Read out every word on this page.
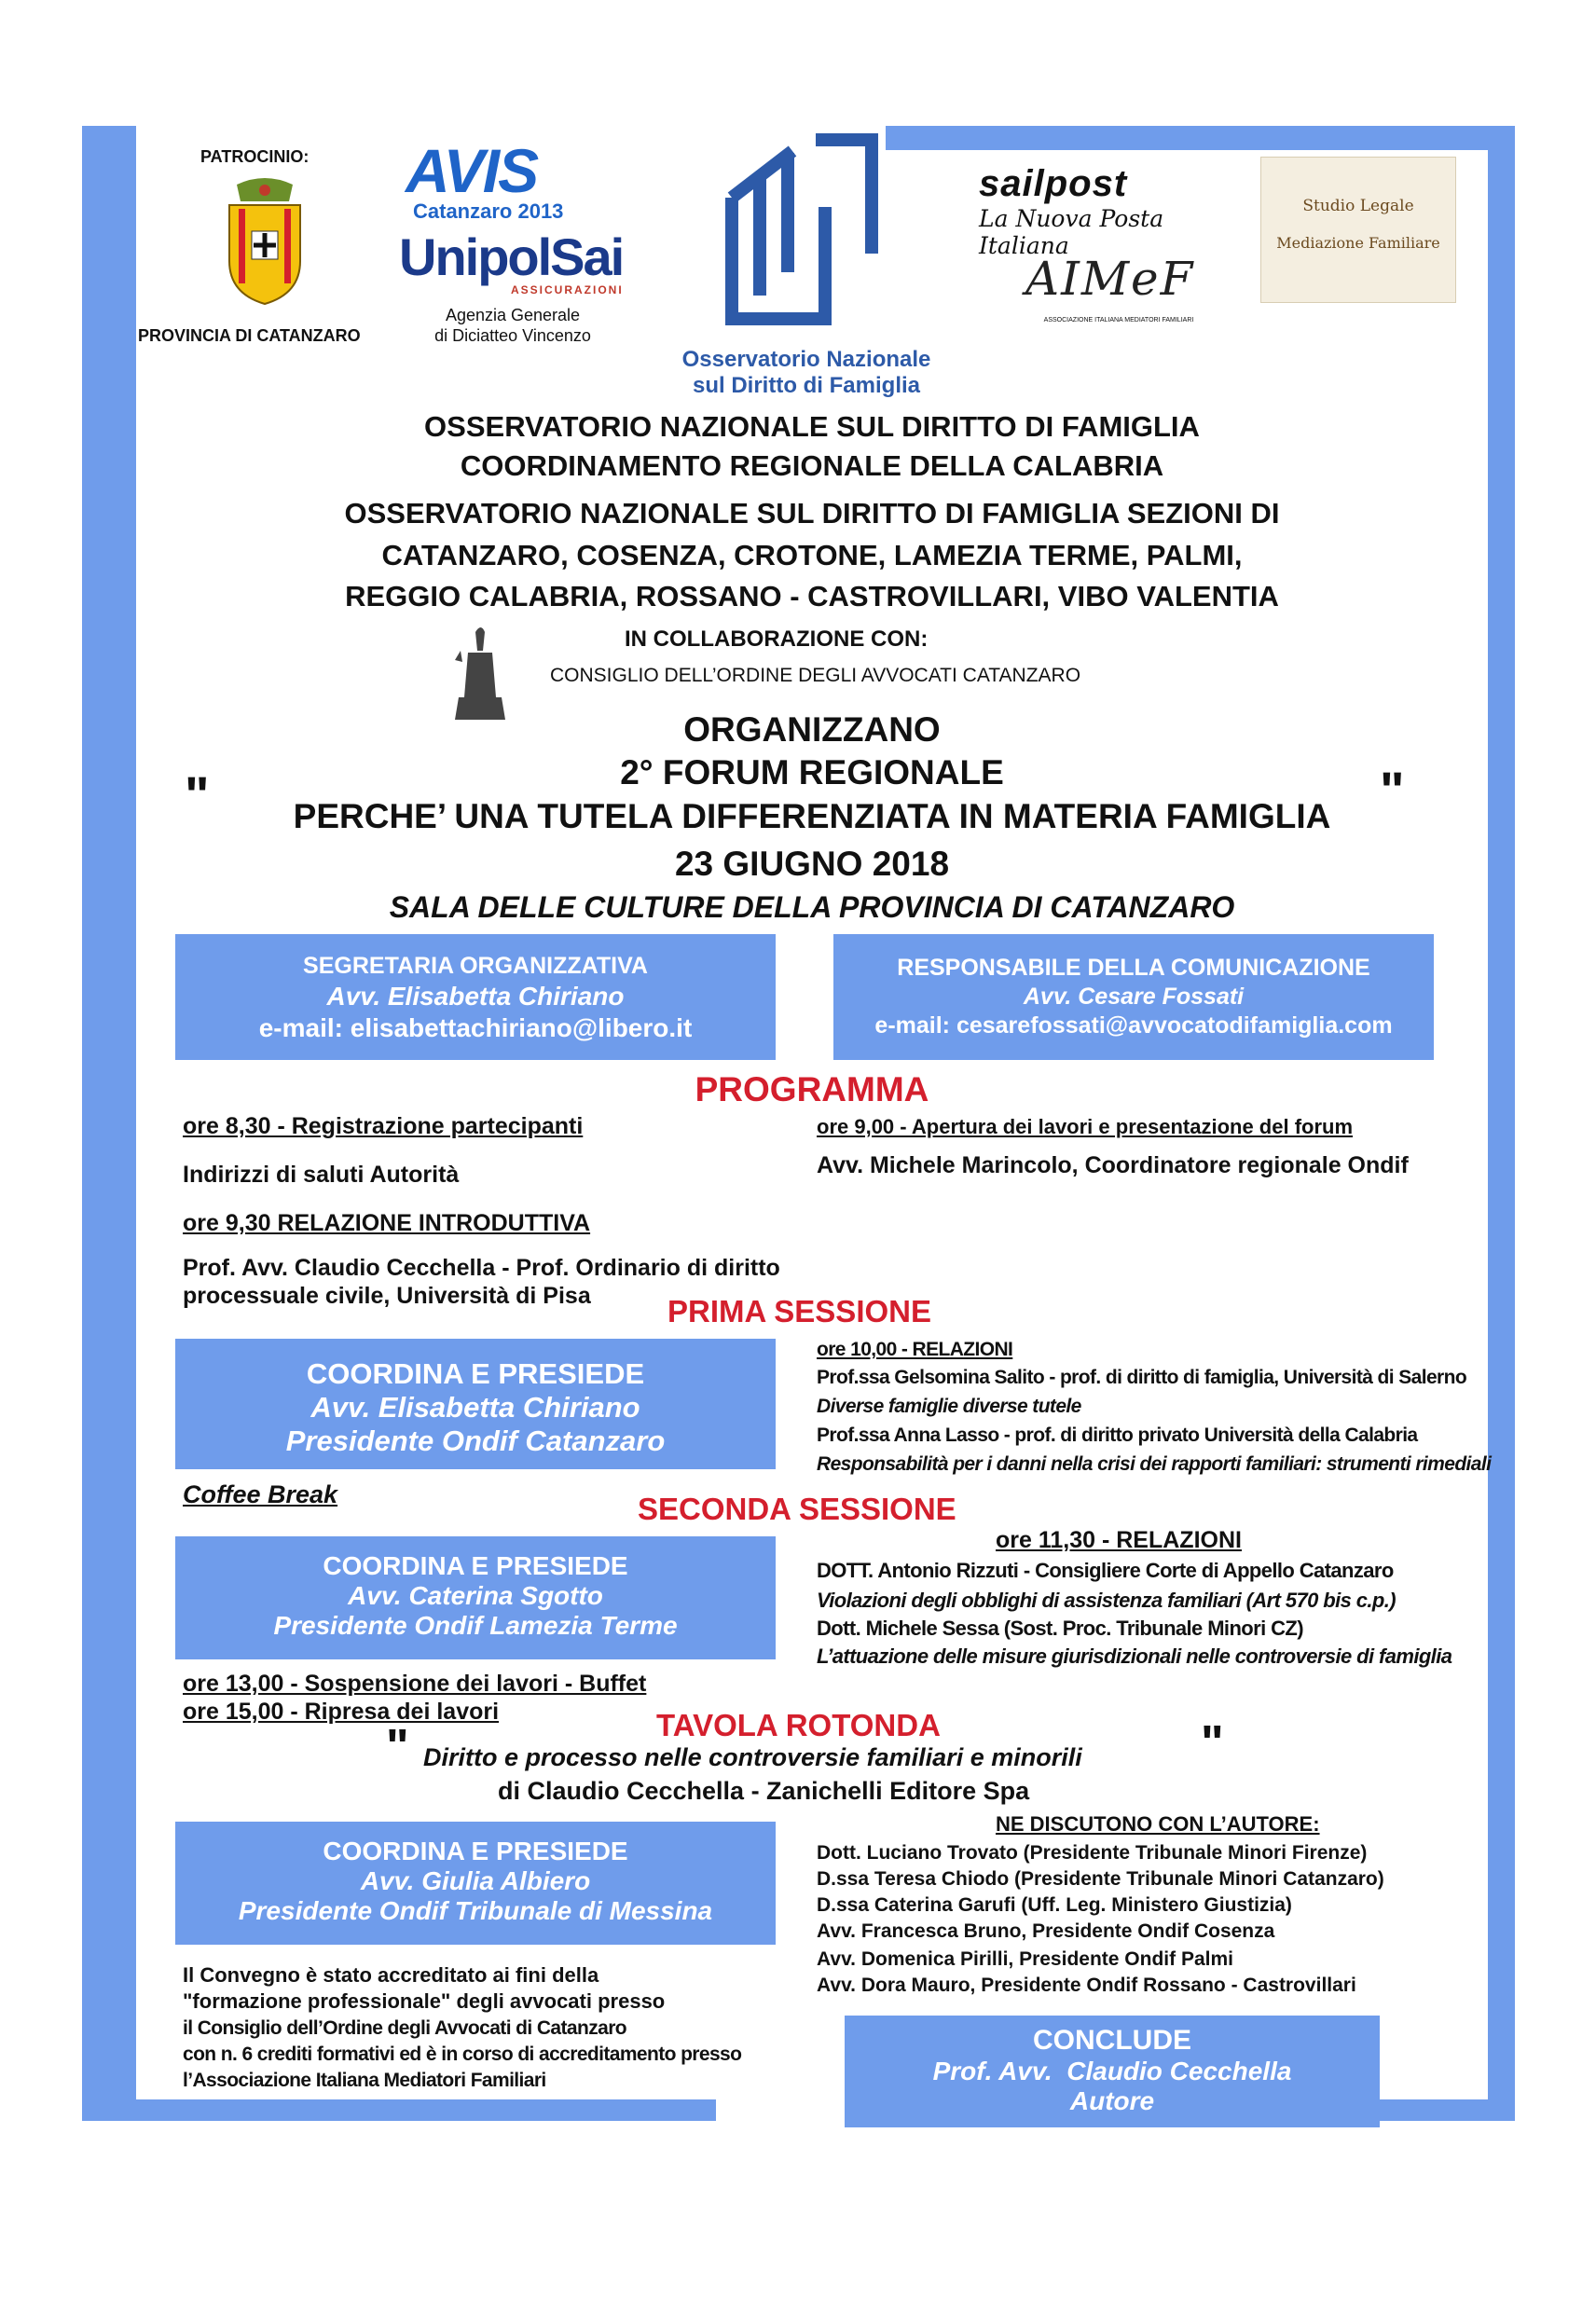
PATROCINIO:
PROVINCIA DI CATANZARO
AVIS
Catanzaro 2013
UnipolSai
ASSICURAZIONI
Agenzia Generale
di Diciatteo Vincenzo
Osservatorio Nazionale
sul Diritto di Famiglia
sailpost
La Nuova Posta Italiana
AIMeF
ASSOCIAZIONE ITALIANA MEDIATORI FAMILIARI
Studio Legale
Mediazione Familiare
OSSERVATORIO NAZIONALE SUL DIRITTO DI FAMIGLIA
COORDINAMENTO REGIONALE DELLA CALABRIA
OSSERVATORIO NAZIONALE SUL DIRITTO DI FAMIGLIA SEZIONI DI
CATANZARO, COSENZA, CROTONE, LAMEZIA TERME, PALMI,
REGGIO CALABRIA, ROSSANO - CASTROVILLARI, VIBO VALENTIA
IN COLLABORAZIONE CON:
CONSIGLIO DELL’ORDINE DEGLI AVVOCATI CATANZARO
ORGANIZZANO
2° FORUM REGIONALE
"	PERCHE’ UNA TUTELA DIFFERENZIATA IN MATERIA FAMIGLIA "
23 GIUGNO 2018
SALA DELLE CULTURE DELLA PROVINCIA DI CATANZARO
SEGRETARIA ORGANIZZATIVA
Avv. Elisabetta Chiriano
e-mail: elisabettachiriano@libero.it
RESPONSABILE DELLA COMUNICAZIONE
Avv. Cesare Fossati
e-mail: cesarefossati@avvocatodifamiglia.com
PROGRAMMA
ore 8,30 - Registrazione partecipanti
Indirizzi di saluti Autorità
ore 9,30 RELAZIONE INTRODUTTIVA
Prof. Avv. Claudio Cecchella - Prof. Ordinario di diritto
processuale civile, Università di Pisa
ore 9,00 - Apertura dei lavori e presentazione del forum
Avv. Michele Marincolo, Coordinatore regionale Ondif
PRIMA SESSIONE
COORDINA E PRESIEDE
Avv. Elisabetta Chiriano
Presidente Ondif Catanzaro
ore 10,00 - RELAZIONI
Prof.ssa Gelsomina Salito - prof. di diritto di famiglia, Università di Salerno
Diverse famiglie diverse tutele
Prof.ssa Anna Lasso - prof. di diritto privato Università della Calabria
Responsabilità per i danni nella crisi dei rapporti familiari: strumenti rimediali
Coffee Break	SECONDA SESSIONE
COORDINA E PRESIEDE
Avv. Caterina Sgotto
Presidente Ondif Lamezia Terme
ore 11,30 - RELAZIONI
DOTT. Antonio Rizzuti - Consigliere Corte di Appello Catanzaro
Violazioni degli obblighi di assistenza familiari (Art 570 bis c.p.)
Dott. Michele Sessa (Sost. Proc. Tribunale Minori CZ)
L’attuazione delle misure giurisdizionali nelle controversie di famiglia
ore 13,00 - Sospensione dei lavori - Buffet
ore 15,00 - Ripresa dei lavori	TAVOLA ROTONDA
" Diritto e processo nelle controversie familiari e minorili "
di Claudio Cecchella - Zanichelli Editore Spa
NE DISCUTONO CON L’AUTORE:
Dott. Luciano Trovato (Presidente Tribunale Minori Firenze)
D.ssa Teresa Chiodo (Presidente Tribunale Minori Catanzaro)
D.ssa Caterina Garufi (Uff. Leg. Ministero Giustizia)
Avv. Francesca Bruno, Presidente Ondif Cosenza
Avv. Domenica Pirilli, Presidente Ondif Palmi
Avv. Dora Mauro, Presidente Ondif Rossano - Castrovillari
COORDINA E PRESIEDE
Avv. Giulia Albiero
Presidente Ondif Tribunale di Messina
Il Convegno è stato accreditato ai fini della
"formazione professionale" degli avvocati presso
il Consiglio dell’Ordine degli Avvocati di Catanzaro
con n. 6 crediti formativi ed è in corso di accreditamento presso
l’Associazione Italiana Mediatori Familiari
CONCLUDE
Prof. Avv.  Claudio Cecchella
Autore
